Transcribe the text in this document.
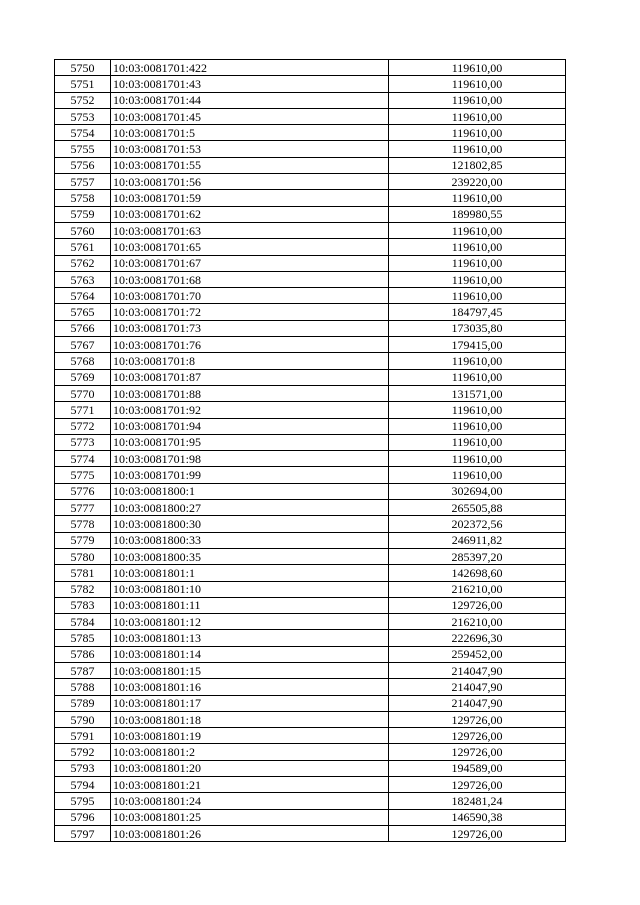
5750	10:03:0081701:422	119610,00
5751	10:03:0081701:43	119610,00
5752	10:03:0081701:44	119610,00
5753	10:03:0081701:45	119610,00
5754	10:03:0081701:5	119610,00
5755	10:03:0081701:53	119610,00
5756	10:03:0081701:55	121802,85
5757	10:03:0081701:56	239220,00
5758	10:03:0081701:59	119610,00
5759	10:03:0081701:62	189980,55
5760	10:03:0081701:63	119610,00
5761	10:03:0081701:65	119610,00
5762	10:03:0081701:67	119610,00
5763	10:03:0081701:68	119610,00
5764	10:03:0081701:70	119610,00
5765	10:03:0081701:72	184797,45
5766	10:03:0081701:73	173035,80
5767	10:03:0081701:76	179415,00
5768	10:03:0081701:8	119610,00
5769	10:03:0081701:87	119610,00
5770	10:03:0081701:88	131571,00
5771	10:03:0081701:92	119610,00
5772	10:03:0081701:94	119610,00
5773	10:03:0081701:95	119610,00
5774	10:03:0081701:98	119610,00
5775	10:03:0081701:99	119610,00
5776	10:03:0081800:1	302694,00
5777	10:03:0081800:27	265505,88
5778	10:03:0081800:30	202372,56
5779	10:03:0081800:33	246911,82
5780	10:03:0081800:35	285397,20
5781	10:03:0081801:1	142698,60
5782	10:03:0081801:10	216210,00
5783	10:03:0081801:11	129726,00
5784	10:03:0081801:12	216210,00
5785	10:03:0081801:13	222696,30
5786	10:03:0081801:14	259452,00
5787	10:03:0081801:15	214047,90
5788	10:03:0081801:16	214047,90
5789	10:03:0081801:17	214047,90
5790	10:03:0081801:18	129726,00
5791	10:03:0081801:19	129726,00
5792	10:03:0081801:2	129726,00
5793	10:03:0081801:20	194589,00
5794	10:03:0081801:21	129726,00
5795	10:03:0081801:24	182481,24
5796	10:03:0081801:25	146590,38
5797	10:03:0081801:26	129726,00
